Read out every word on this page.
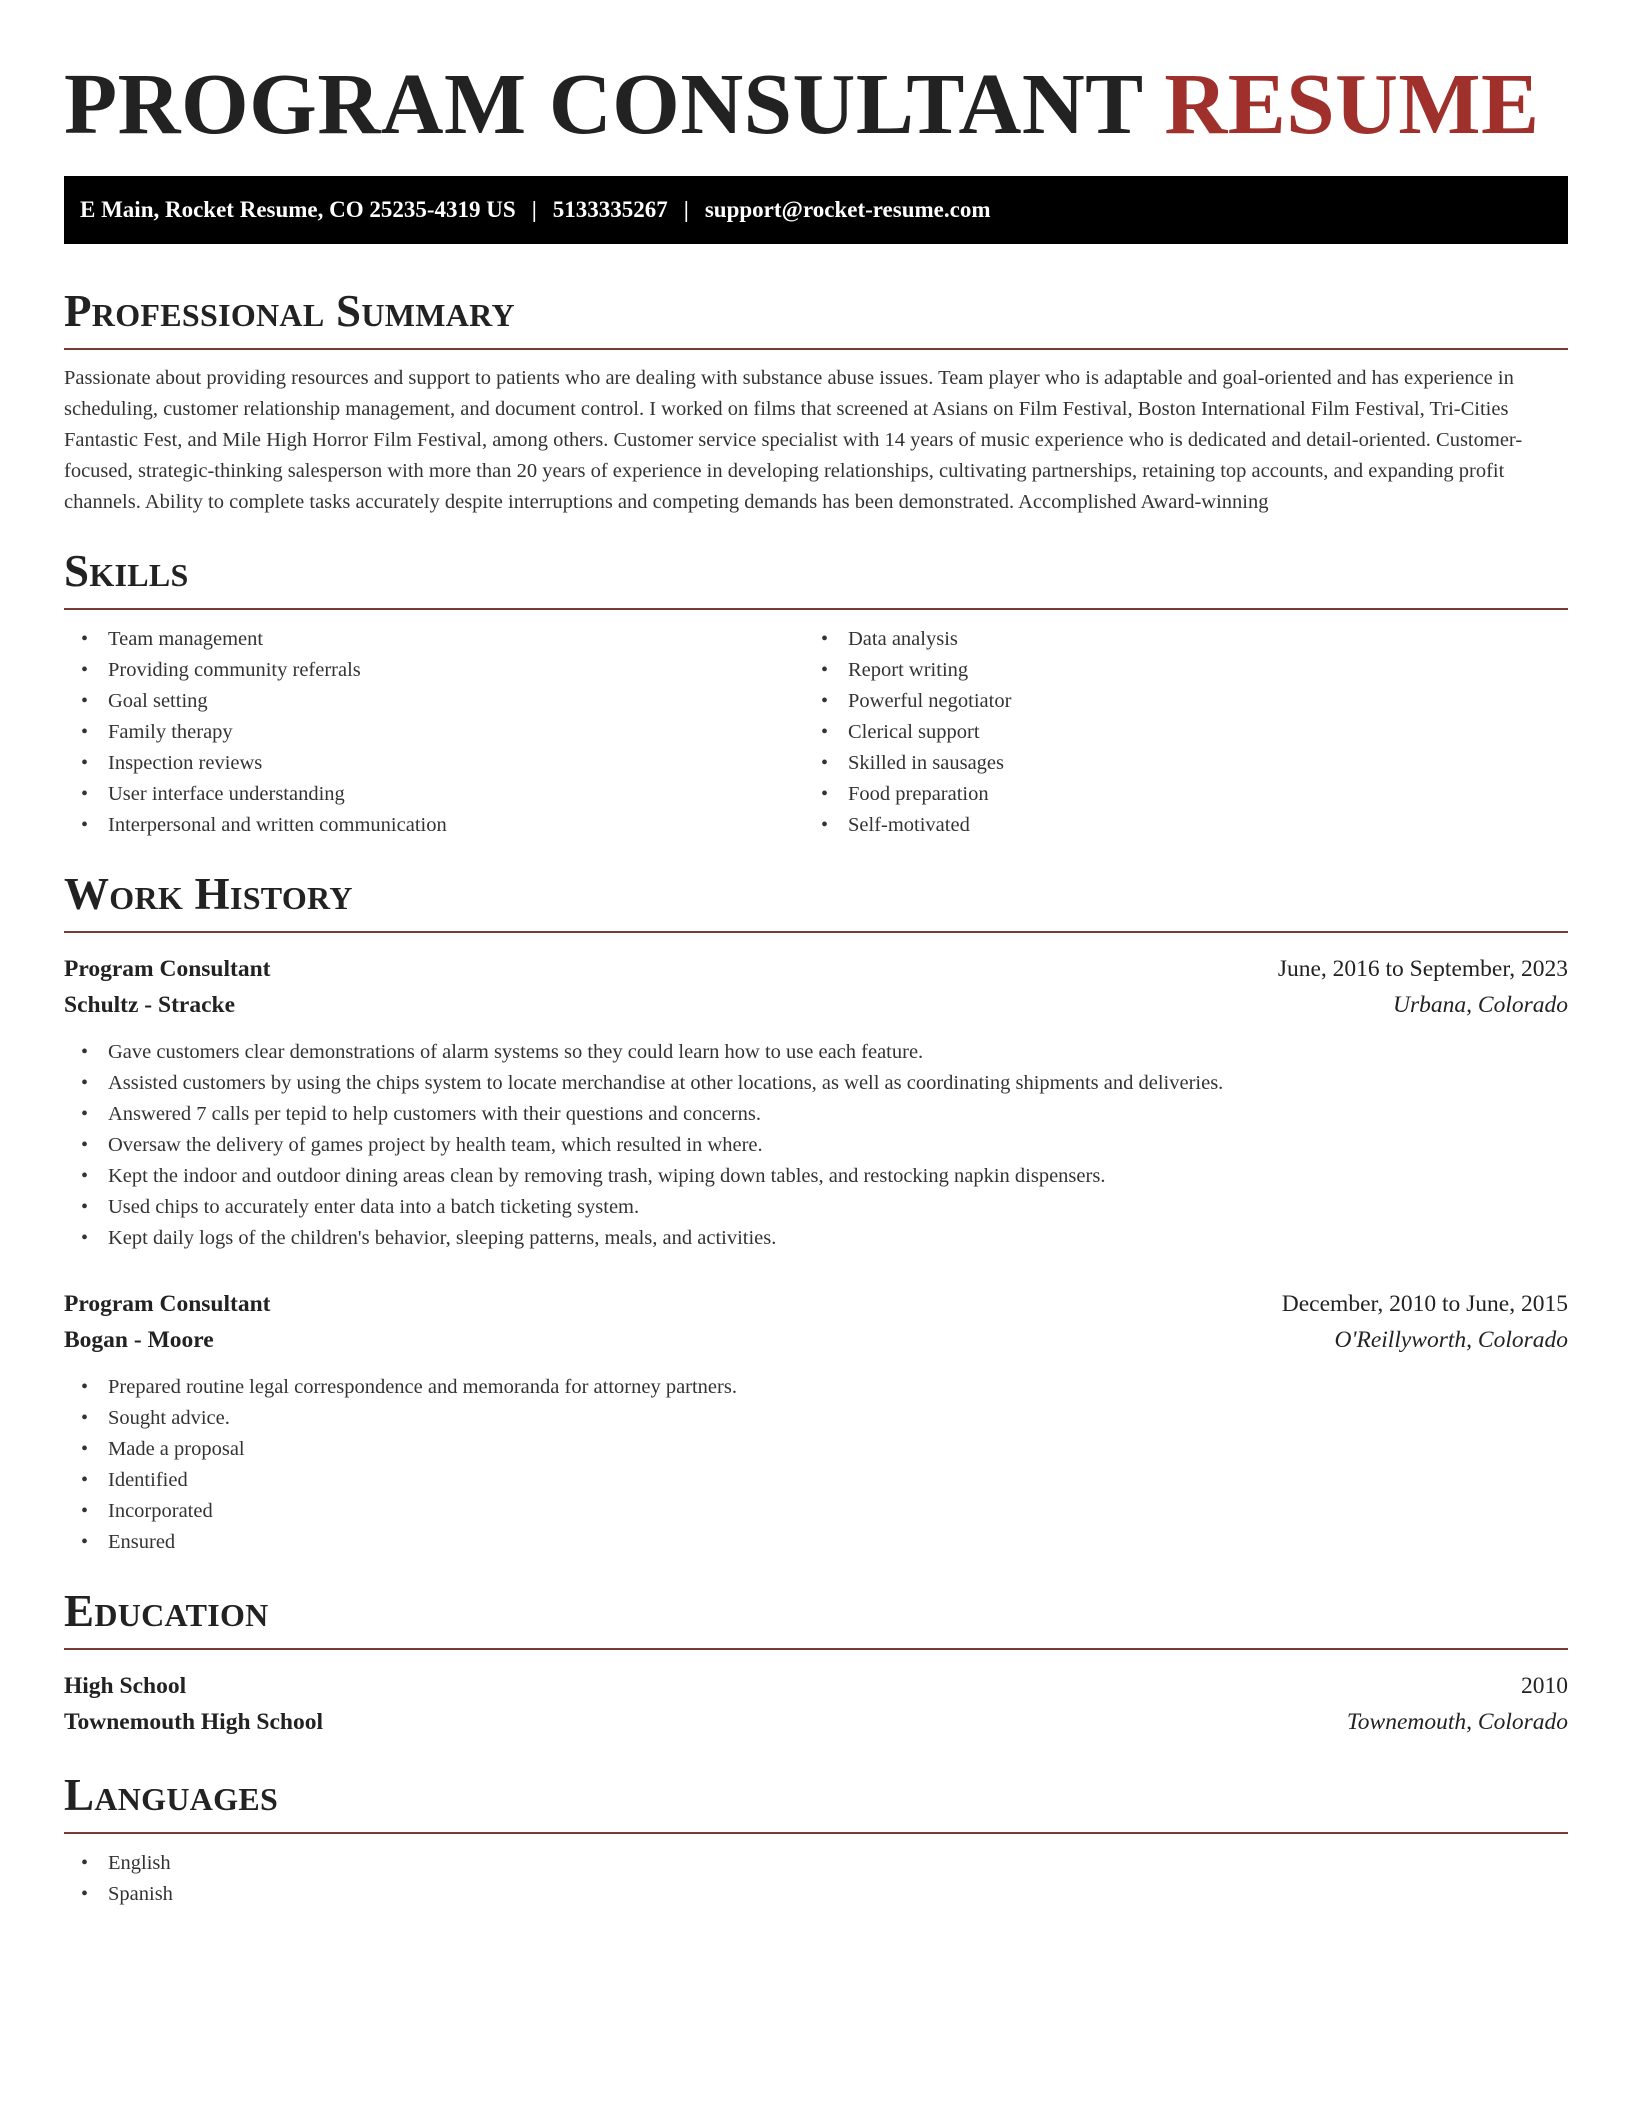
PROGRAM CONSULTANT RESUME
E Main, Rocket Resume, CO 25235-4319 US | 5133335267 | support@rocket-resume.com
Professional Summary

Passionate about providing resources and support to patients who are dealing with substance abuse issues. Team player who is adaptable and goal-oriented and has experience in scheduling, customer relationship management, and document control. I worked on films that screened at Asians on Film Festival, Boston International Film Festival, Tri-Cities Fantastic Fest, and Mile High Horror Film Festival, among others. Customer service specialist with 14 years of music experience who is dedicated and detail-oriented. Customer-focused, strategic-thinking salesperson with more than 20 years of experience in developing relationships, cultivating partnerships, retaining top accounts, and expanding profit channels. Ability to complete tasks accurately despite interruptions and competing demands has been demonstrated. Accomplished Award-winning

Skills
• Team management
• Providing community referrals
• Goal setting
• Family therapy
• Inspection reviews
• User interface understanding
• Interpersonal and written communication
• Data analysis
• Report writing
• Powerful negotiator
• Clerical support
• Skilled in sausages
• Food preparation
• Self-motivated
Work History
Program Consultant	June, 2016 to September, 2023
Schultz - Stracke	Urbana, Colorado
• Gave customers clear demonstrations of alarm systems so they could learn how to use each feature.
• Assisted customers by using the chips system to locate merchandise at other locations, as well as coordinating shipments and deliveries.
• Answered 7 calls per tepid to help customers with their questions and concerns.
• Oversaw the delivery of games project by health team, which resulted in where.
• Kept the indoor and outdoor dining areas clean by removing trash, wiping down tables, and restocking napkin dispensers.
• Used chips to accurately enter data into a batch ticketing system.
• Kept daily logs of the children's behavior, sleeping patterns, meals, and activities.
Program Consultant	December, 2010 to June, 2015
Bogan - Moore	O'Reillyworth, Colorado
• Prepared routine legal correspondence and memoranda for attorney partners.
• Sought advice.
• Made a proposal
• Identified
• Incorporated
• Ensured
Education
High School	2010
Townemouth High School	Townemouth, Colorado
Languages
• English
• Spanish
